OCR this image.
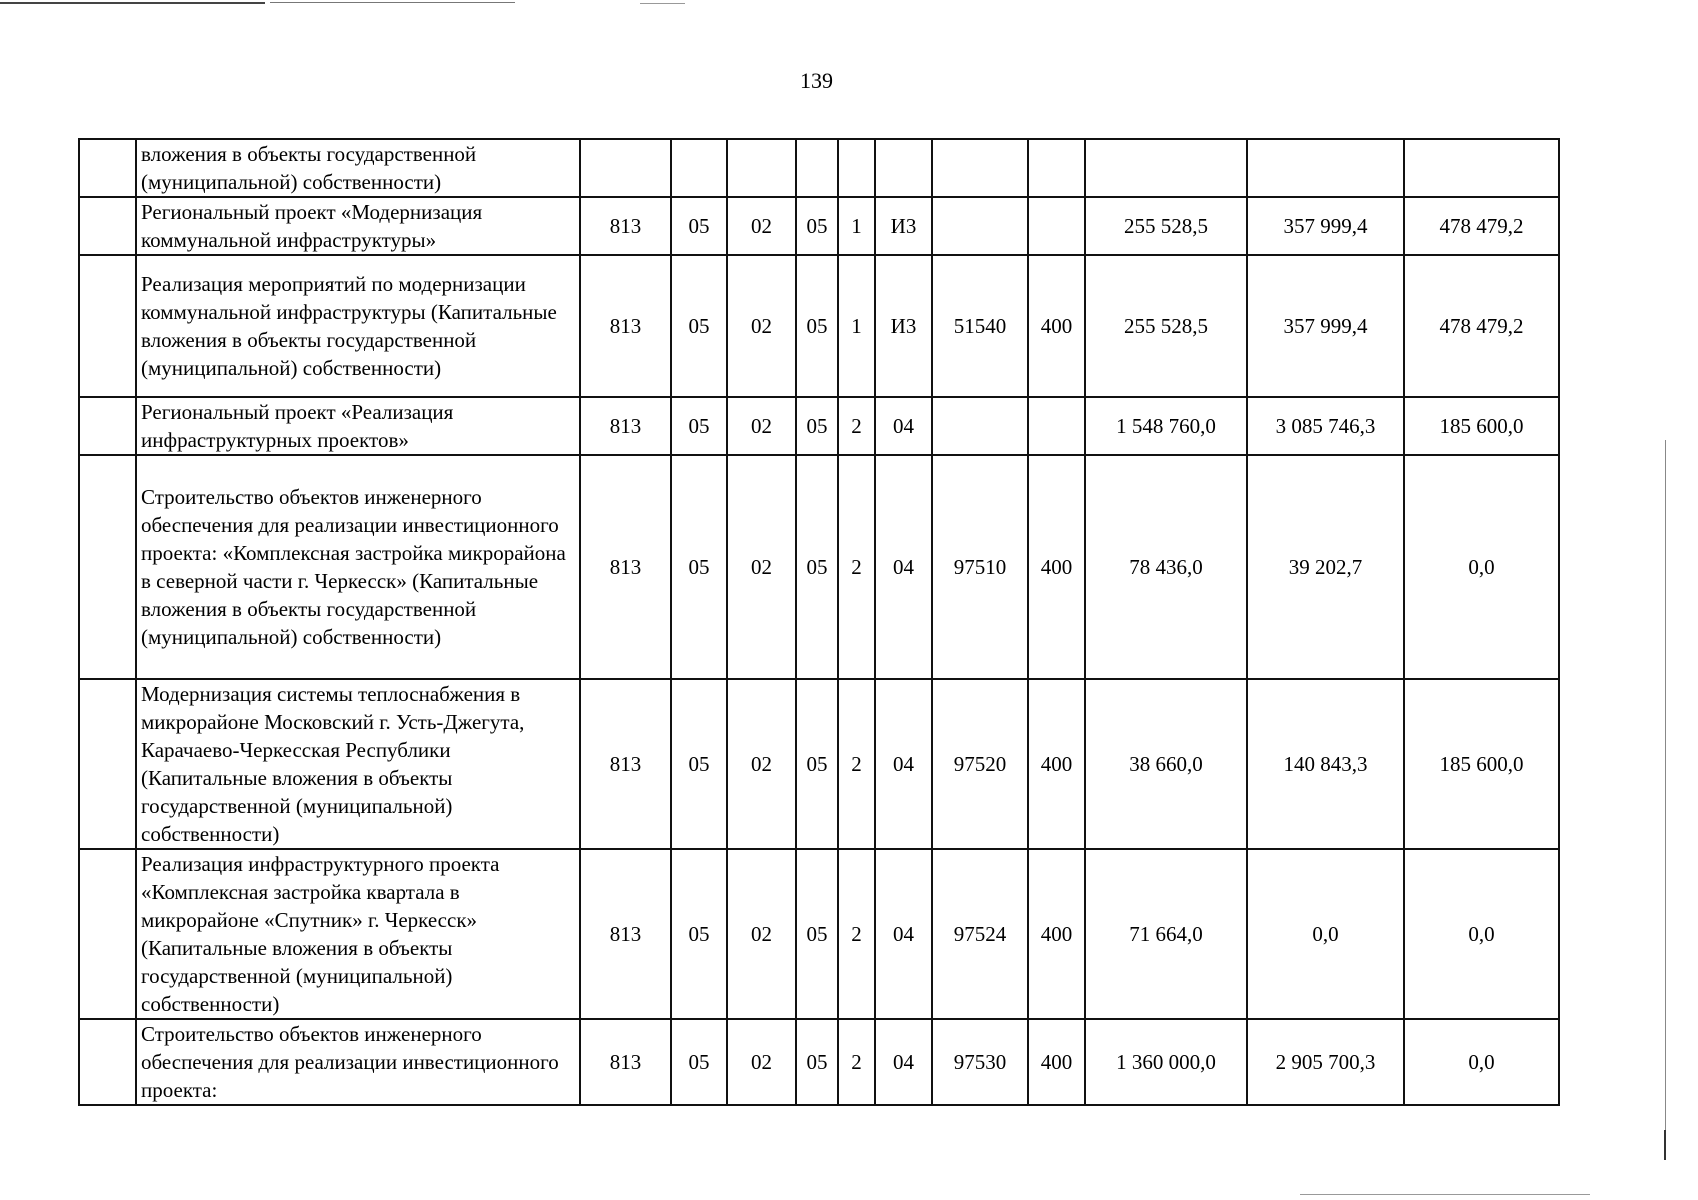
139
	вложения в объекты государственной (муниципальной) собственности)											
	Региональный проект «Модернизация коммунальной инфраструктуры»	813	05	02	05	1	И3			255 528,5	357 999,4	478 479,2
	Реализация мероприятий по модернизации коммунальной инфраструктуры (Капитальные вложения в объекты государственной (муниципальной) собственности)	813	05	02	05	1	И3	51540	400	255 528,5	357 999,4	478 479,2
	Региональный проект «Реализация инфраструктурных проектов»	813	05	02	05	2	04			1 548 760,0	3 085 746,3	185 600,0
	Строительство объектов инженерного обеспечения для реализации инвестиционного проекта: «Комплексная застройка микрорайона в северной части г. Черкесск» (Капитальные вложения в объекты государственной (муниципальной) собственности)	813	05	02	05	2	04	97510	400	78 436,0	39 202,7	0,0
	Модернизация системы теплоснабжения в микрорайоне Московский г. Усть-Джегута, Карачаево-Черкесская Республики (Капитальные вложения в объекты государственной (муниципальной) собственности)	813	05	02	05	2	04	97520	400	38 660,0	140 843,3	185 600,0
	Реализация инфраструктурного проекта «Комплексная застройка квартала в микрорайоне «Спутник» г. Черкесск» (Капитальные вложения в объекты государственной (муниципальной) собственности)	813	05	02	05	2	04	97524	400	71 664,0	0,0	0,0
	Строительство объектов инженерного обеспечения для реализации инвестиционного проекта:	813	05	02	05	2	04	97530	400	1 360 000,0	2 905 700,3	0,0
